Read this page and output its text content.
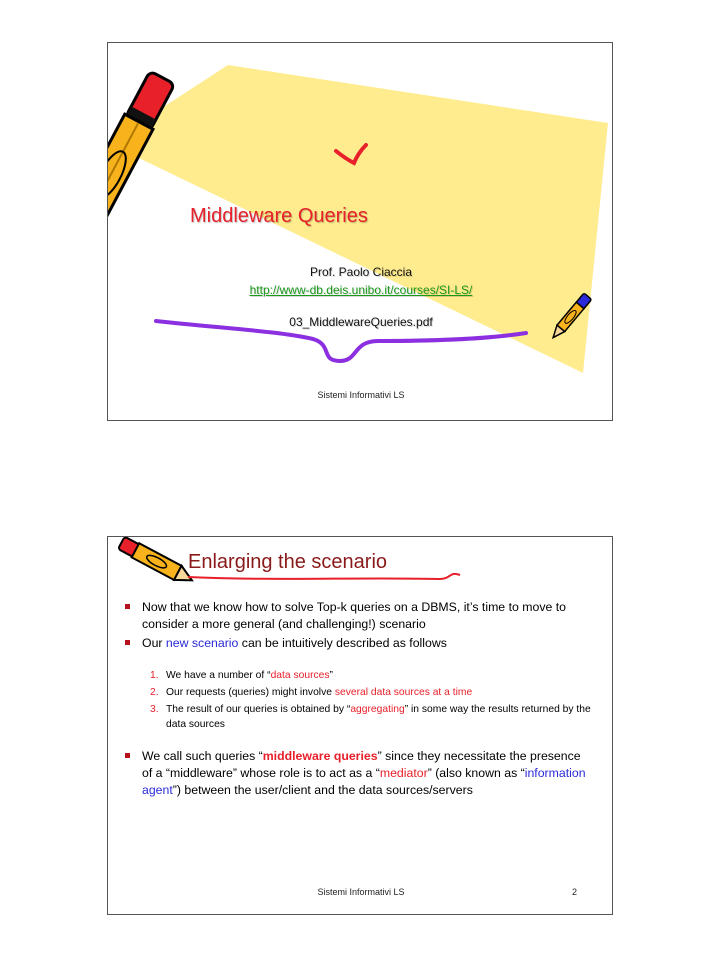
Middleware Queries
Prof. Paolo Ciaccia
http://www-db.deis.unibo.it/courses/SI-LS/
03_MiddlewareQueries.pdf
Sistemi Informativi LS
Enlarging the scenario
Now that we know how to solve Top-k queries on a DBMS, it’s time to move to consider a more general (and challenging!) scenario
Our new scenario can be intuitively described as follows
1. We have a number of “data sources”
2. Our requests (queries) might involve several data sources at a time
3. The result of our queries is obtained by “aggregating” in some way the results returned by the data sources
We call such queries “middleware queries” since they necessitate the presence of a “middleware” whose role is to act as a “mediator” (also known as “information agent”) between the user/client and the data sources/servers
Sistemi Informativi LS	2
